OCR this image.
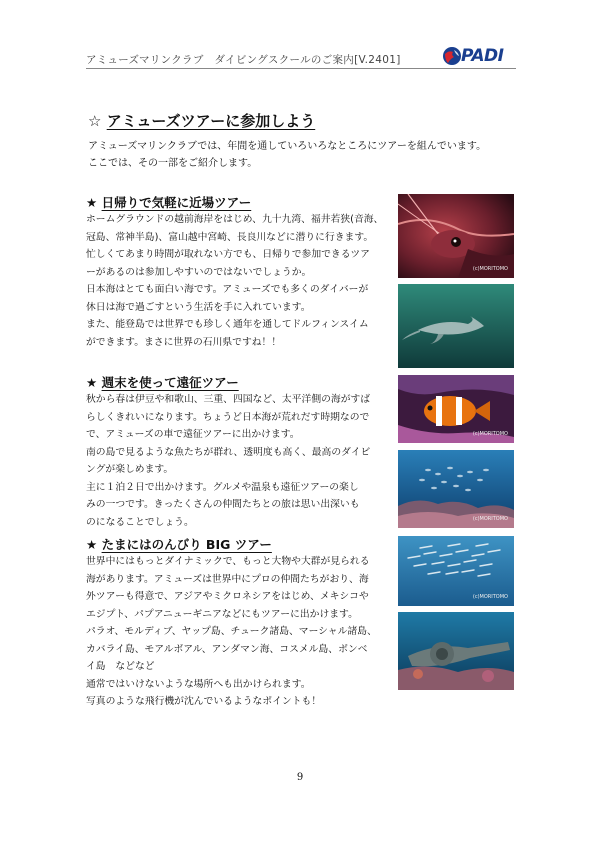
アミューズマリンクラブ　ダイビングスクールのご案内[V.2401]	PADI
☆ アミューズツアーに参加しよう

アミューズマリンクラブでは、年間を通していろいろなところにツアーを組んでいます。

ここでは、その一部をご紹介します。

★ 日帰りで気軽に近場ツアー

ホームグラウンドの越前海岸をはじめ、九十九湾、福井若狭(音海、

冠島、常神半島)、富山越中宮崎、長良川などに潜りに行きます。

忙しくてあまり時間が取れない方でも、日帰りで参加できるツア

ーがあるのは参加しやすいのではないでしょうか。

日本海はとても面白い海です。アミューズでも多くのダイバーが

休日は海で過ごすという生活を手に入れています。

また、能登島では世界でも珍しく通年を通してドルフィンスイム

ができます。まさに世界の石川県ですね！！

★ 週末を使って遠征ツアー

秋から春は伊豆や和歌山、三重、四国など、太平洋側の海がすば

らしくきれいになります。ちょうど日本海が荒れだす時期なので

で、アミューズの車で遠征ツアーに出かけます。

南の島で見るような魚たちが群れ、透明度も高く、最高のダイビ

ングが楽しめます。

主に１泊２日で出かけます。グルメや温泉も遠征ツアーの楽し

みの一つです。きったくさんの仲間たちとの旅は思い出深いも

のになることでしょう。

★ たまにはのんびり BIG ツアー

世界中にはもっとダイナミックで、もっと大物や大群が見られる

海があります。アミューズは世界中にプロの仲間たちがおり、海

外ツアーも得意で、アジアやミクロネシアをはじめ、メキシコや

エジプト、パプアニューギニアなどにもツアーに出かけます。

パラオ、モルディブ、ヤップ島、チューク諸島、マーシャル諸島、

カバライ島、モアルボアル、アンダマン海、コスメル島、ボンベ

イ島　などなど

通常ではいけないような場所へも出かけられます。

写真のような飛行機が沈んでいるようなポイントも！

(c)MORITOMO
(c)MORITOMO
(c)MORITOMO
(c)MORITOMO
9
